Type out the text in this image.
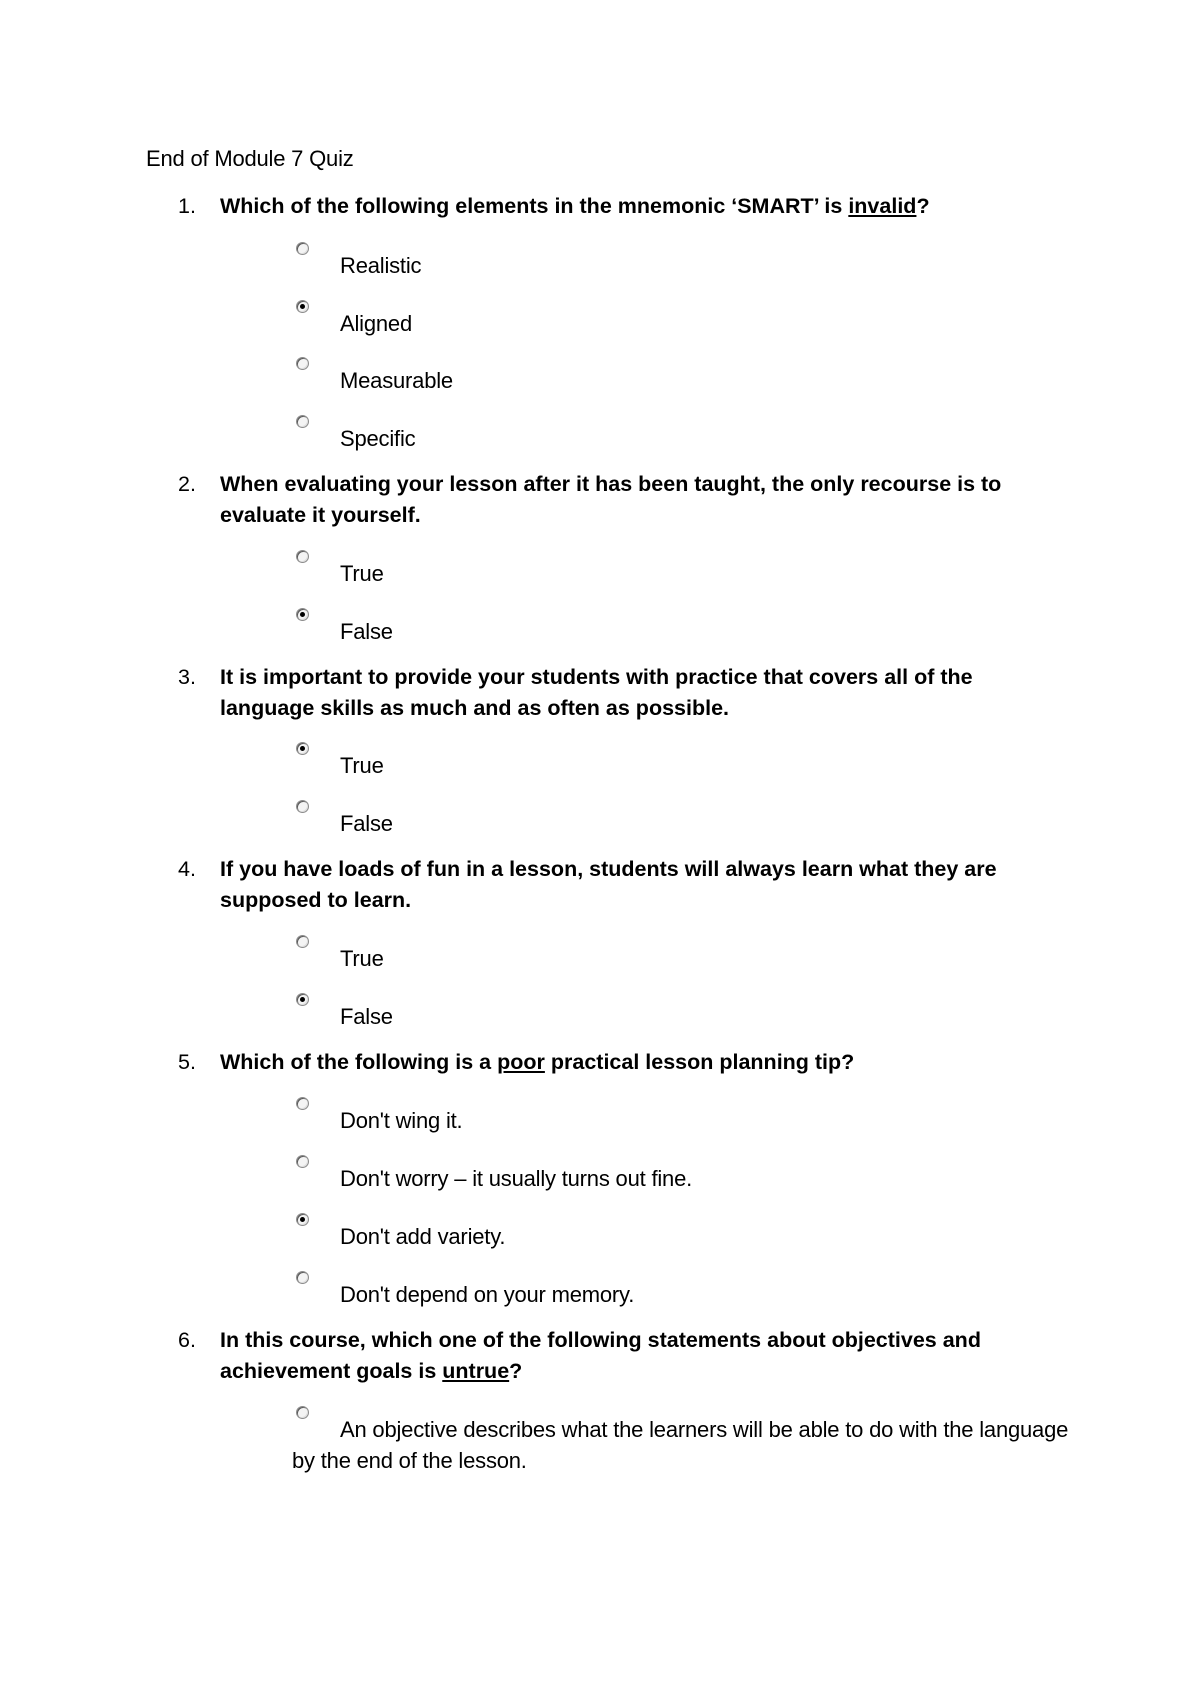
End of Module 7 Quiz
1. Which of the following elements in the mnemonic ‘SMART’ is invalid?
Realistic
Aligned
Measurable
Specific
2. When evaluating your lesson after it has been taught, the only recourse is to evaluate it yourself.
True
False
3. It is important to provide your students with practice that covers all of the language skills as much and as often as possible.
True
False
4. If you have loads of fun in a lesson, students will always learn what they are supposed to learn.
True
False
5. Which of the following is a poor practical lesson planning tip?
Don't wing it.
Don't worry – it usually turns out fine.
Don't add variety.
Don't depend on your memory.
6. In this course, which one of the following statements about objectives and achievement goals is untrue?
An objective describes what the learners will be able to do with the language by the end of the lesson.
